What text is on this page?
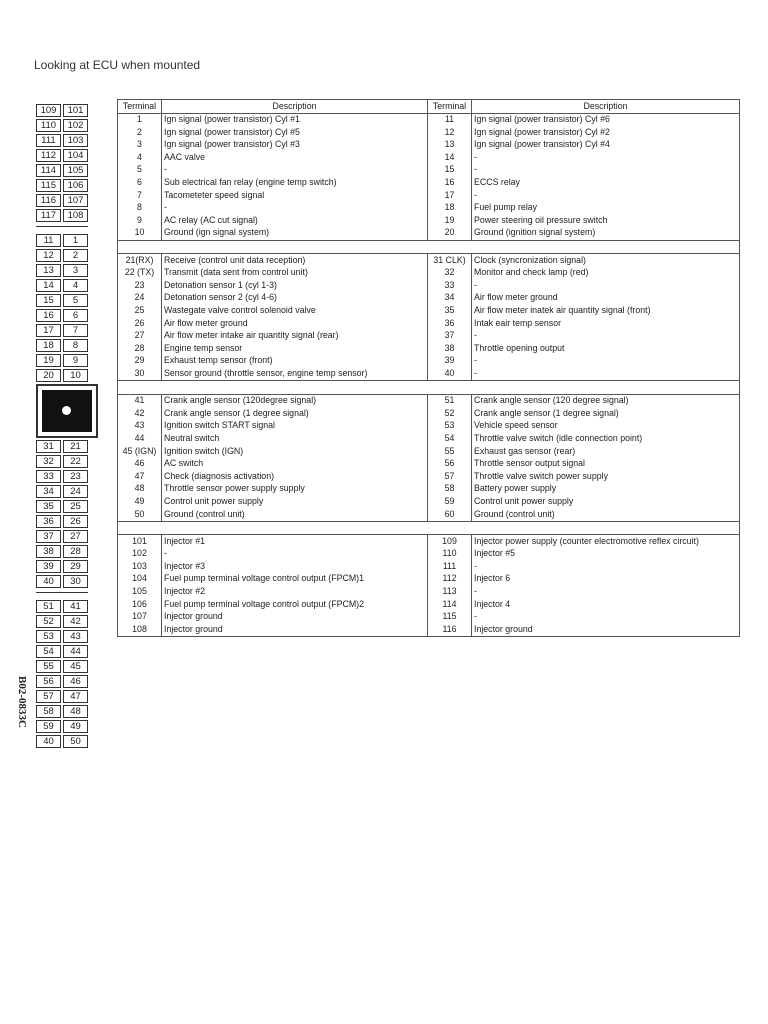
Looking at ECU when mounted
109	101
110	102
111	103
112	104
114	105
115	106
116	107
117	108
11	1
12	2
13	3
14	4
15	5
16	6
17	7
18	8
19	9
20	10
31	21
32	22
33	23
34	24
35	25
36	26
37	27
38	28
39	29
40	30
51	41
52	42
53	43
54	44
55	45
56	46
57	47
58	48
59	49
40	50
B02-0833C
Terminal	Description	Terminal	Description
1	Ign signal (power transistor) Cyl #1	11	Ign signal (power transistor) Cyl #6
2	Ign signal (power transistor) Cyl #5	12	Ign signal (power transistor) Cyl #2
3	Ign signal (power transistor) Cyl #3	13	Ign signal (power transistor) Cyl #4
4	AAC valve	14	-
5	-	15	-
6	Sub electrical fan relay (engine temp switch)	16	ECCS relay
7	Tacometeter speed signal	17	-
8	-	18	Fuel pump relay
9	AC relay (AC cut signal)	19	Power steering oil pressure switch
10	Ground (ign signal system)	20	Ground (ignition signal system)

21(RX)	Receive (control unit data reception)	31 CLK)	Clock (syncronization signal)
22 (TX)	Transmit (data sent from control unit)	32	Monitor and check lamp (red)
23	Detonation sensor 1 (cyl 1-3)	33	-
24	Detonation sensor 2 (cyl 4-6)	34	Air flow meter ground
25	Wastegate valve control solenoid valve	35	Air flow meter inatek air quantity signal (front)
26	Air flow meter ground	36	Intak eair temp sensor
27	Air flow meter intake air quantity signal (rear)	37	-
28	Engine temp sensor	38	Throttle opening output
29	Exhaust temp sensor (front)	39	-
30	Sensor ground (throttle sensor, engine temp sensor)	40	-

41	Crank angle sensor (120degree signal)	51	Crank angle sensor (120 degree signal)
42	Crank angle sensor (1 degree signal)	52	Crank angle sensor (1 degree signal)
43	Ignition switch START signal	53	Vehicle speed sensor
44	Neutral switch	54	Throttle valve switch (idle connection point)
45 (IGN)	Ignition switch (IGN)	55	Exhaust gas sensor (rear)
46	AC switch	56	Throttle sensor output signal
47	Check (diagnosis activation)	57	Throttle valve switch power supply
48	Throttle sensor power supply supply	58	Battery power supply
49	Control unit power supply	59	Control unit power supply
50	Ground (control unit)	60	Ground (control unit)

101	Injector #1	109	Injector power supply (counter electromotive reflex circuit)
102	-	110	Injector #5
103	Injector #3	111	-
104	Fuel pump terminal voltage control output (FPCM)1	112	Injector 6
105	Injector #2	113	-
106	Fuel pump terminal voltage control output (FPCM)2	114	Injector 4
107	Injector ground	115	-
108	Injector ground	116	Injector ground
